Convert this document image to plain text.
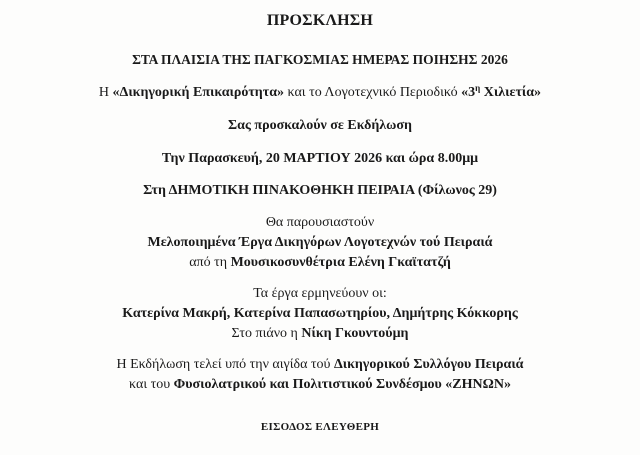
ΠΡΟΣΚΛΗΣΗ
ΣΤΑ ΠΛΑΙΣΙΑ ΤΗΣ ΠΑΓΚΟΣΜΙΑΣ ΗΜΕΡΑΣ ΠΟΙΗΣΗΣ 2026
Η «Δικηγορική Επικαιρότητα» και το Λογοτεχνικό Περιοδικό «$3^\eta$ Χιλιετία»
Σας προσκαλούν σε Εκδήλωση
Την Παρασκευή, 20 ΜΑΡΤΙΟΥ 2026 και ώρα 8.00μμ
Στη ΔΗΜΟΤΙΚΗ ΠΙΝΑΚΟΘΗΚΗ ΠΕΙΡΑΙΑ (Φίλωνος 29)
Θα παρουσιαστούν
Μελοποιημένα Έργα Δικηγόρων Λογοτεχνών τού Πειραιά
από τη Μουσικοσυνθέτρια Ελένη Γκαϊτατζή
Τα έργα ερμηνεύουν οι:
Κατερίνα Μακρή, Κατερίνα Παπασωτηρίου, Δημήτρης Κόκκορης
Στο πιάνο η Νίκη Γκουντούμη
Η Εκδήλωση τελεί υπό την αιγίδα τού Δικηγορικού Συλλόγου Πειραιά
και του Φυσιολατρικού και Πολιτιστικού Συνδέσμου «ΖΗΝΩΝ»
ΕΙΣΟΔΟΣ ΕΛΕΥΘΕΡΗ
